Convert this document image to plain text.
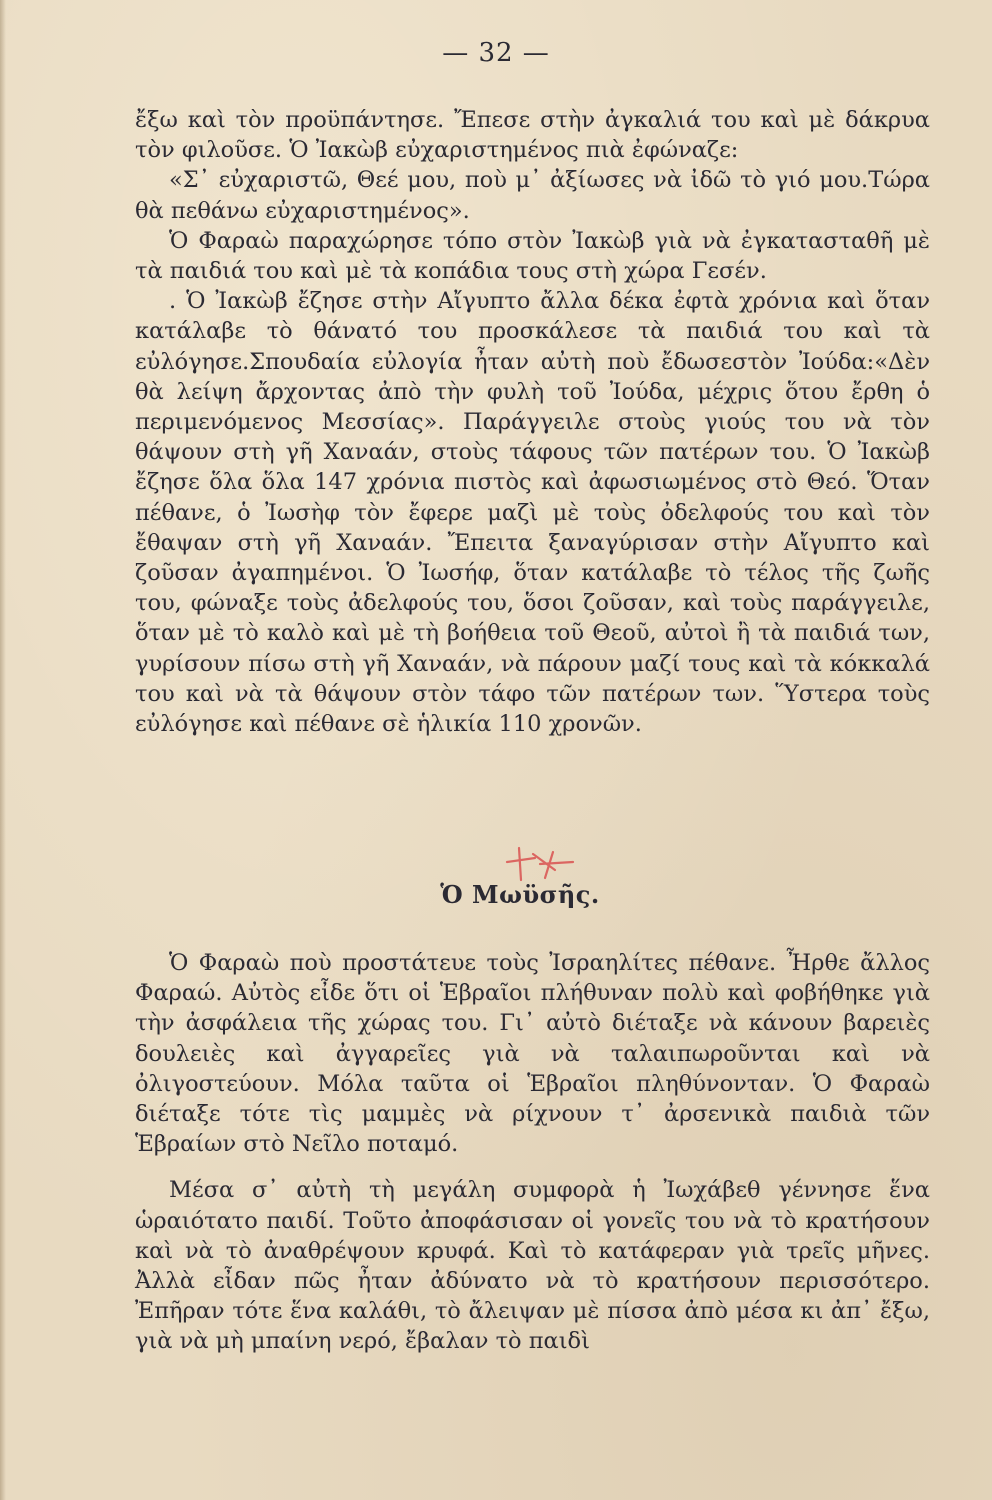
— 32 —

ἔξω καὶ τὸν προϋπάντησε. Ἔπεσε στὴν ἀγκαλιά του καὶ μὲ δάκρυα τὸν φιλοῦσε. Ὁ Ἰακὼβ εὐχαριστημένος πιὰ ἐφώναζε:

«Σ᾽ εὐχαριστῶ, Θεέ μου, ποὺ μ᾽ ἀξίωσες νὰ ἰδῶ τὸ γιό μου.Τώρα θὰ πεθάνω εὐχαριστημένος».

Ὁ Φαραὼ παραχώρησε τόπο στὸν Ἰακὼβ γιὰ νὰ ἐγκατασταθῆ μὲ τὰ παιδιά του καὶ μὲ τὰ κοπάδια τους στὴ χώρα Γεσέν.

. Ὁ Ἰακὼβ ἔζησε στὴν Αἴγυπτο ἄλλα δέκα ἐφτὰ χρόνια καὶ ὅταν κατάλαβε τὸ θάνατό του προσκάλεσε τὰ παιδιά του καὶ τὰ εὐλόγησε.Σπουδαία εὐλογία ἦταν αὐτὴ ποὺ ἔδωσεστὸν Ἰούδα:«Δὲν θὰ λείψη ἄρχοντας ἀπὸ τὴν φυλὴ τοῦ Ἰούδα, μέχρις ὅτου ἔρθη ὁ περιμενόμενος Μεσσίας». Παράγγειλε στοὺς γιούς του νὰ τὸν θάψουν στὴ γῆ Χαναάν, στοὺς τάφους τῶν πατέρων του. Ὁ Ἰακὼβ ἔζησε ὅλα ὅλα 147 χρόνια πιστὸς καὶ ἀφωσιωμένος στὸ Θεό. Ὅταν πέθανε, ὁ Ἰωσὴφ τὸν ἔφερε μαζὶ μὲ τοὺς ὀδελφούς του καὶ τὸν ἔθαψαν στὴ γῆ Χαναάν. Ἔπειτα ξαναγύρισαν στὴν Αἴγυπτο καὶ ζοῦσαν ἀγαπημένοι. Ὁ Ἰωσήφ, ὅταν κατάλαβε τὸ τέλος τῆς ζωῆς του, φώναξε τοὺς ἀδελφούς του, ὅσοι ζοῦσαν, καὶ τοὺς παράγγειλε, ὅταν μὲ τὸ καλὸ καὶ μὲ τὴ βοήθεια τοῦ Θεοῦ, αὐτοὶ ἢ τὰ παιδιά των, γυρίσουν πίσω στὴ γῆ Χαναάν, νὰ πάρουν μαζί τους καὶ τὰ κόκκαλά του καὶ νὰ τὰ θάψουν στὸν τάφο τῶν πατέρων των. Ὕστερα τοὺς εὐλόγησε καὶ πέθανε σὲ ἡλικία 110 χρονῶν.

Ὁ Μωϋσῆς.

Ὁ Φαραὼ ποὺ προστάτευε τοὺς Ἰσραηλίτες πέθανε. Ἦρθε ἄλλος Φαραώ. Αὐτὸς εἶδε ὅτι οἱ Ἑβραῖοι πλήθυναν πολὺ καὶ φοβήθηκε γιὰ τὴν ἀσφάλεια τῆς χώρας του. Γι᾽ αὐτὸ διέταξε νὰ κάνουν βαρειὲς δουλειὲς καὶ ἀγγαρεῖες γιὰ νὰ ταλαιπωροῦνται καὶ νὰ ὀλιγοστεύουν. Μόλα ταῦτα οἱ Ἑβραῖοι πληθύνονταν. Ὁ Φαραὼ διέταξε τότε τὶς μαμμὲς νὰ ρίχνουν τ᾽ ἀρσενικὰ παιδιὰ τῶν Ἑβραίων στὸ Νεῖλο ποταμό.

Μέσα σ᾽ αὐτὴ τὴ μεγάλη συμφορὰ ἡ Ἰωχάβεθ γέννησε ἕνα ὡραιότατο παιδί. Τοῦτο ἀποφάσισαν οἱ γονεῖς του νὰ τὸ κρατήσουν καὶ νὰ τὸ ἀναθρέψουν κρυφά. Καὶ τὸ κατάφεραν γιὰ τρεῖς μῆνες. Ἀλλὰ εἶδαν πῶς ἦταν ἀδύνατο νὰ τὸ κρατήσουν περισσότερο. Ἐπῆραν τότε ἕνα καλάθι, τὸ ἄλειψαν μὲ πίσσα ἀπὸ μέσα κι ἀπ᾽ ἔξω, γιὰ νὰ μὴ μπαίνη νερό, ἔβαλαν τὸ παιδὶ
